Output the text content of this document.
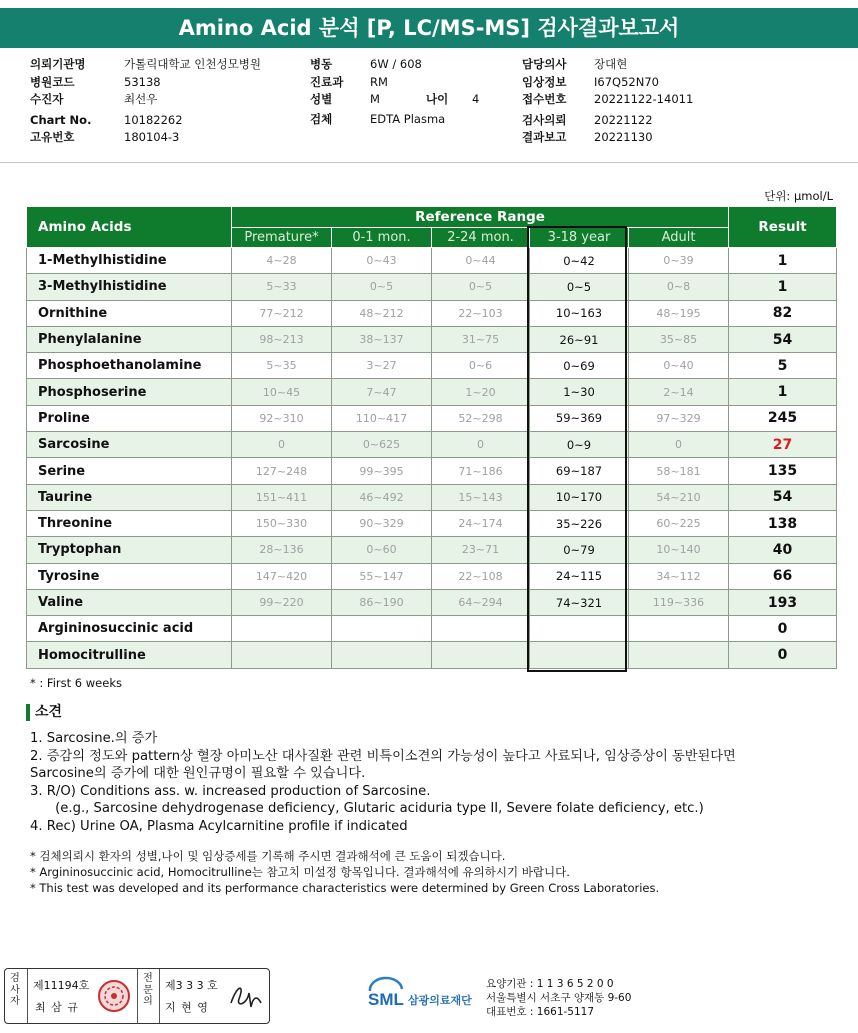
Amino Acid 분석 [P, LC/MS-MS] 검사결과보고서
의뢰기관명	가톨릭대학교 인천성모병원
병원코드	53138
수진자	최선우
Chart No.	10182262
고유번호	180104-3
병동	6W / 608
진료과 RM
성별	M
검체	EDTA Plasma
나이 4
담당의사 장대현
임상정보 I67Q52N70
접수번호 20221122-14011
검사의뢰 20221122
결과보고 20221130
단위: μmol/L
Amino Acids	Reference Range					Result
	Premature*	0-1 mon.	2-24 mon.	3-18 year	Adult	
1-Methylhistidine	4~28	0~43	0~44	0~42	0~39	1
3-Methylhistidine	5~33	0~5	0~5	0~5	0~8	1
Ornithine	77~212	48~212	22~103	10~163	48~195	82
Phenylalanine	98~213	38~137	31~75	26~91	35~85	54
Phosphoethanolamine	5~35	3~27	0~6	0~69	0~40	5
Phosphoserine	10~45	7~47	1~20	1~30	2~14	1
Proline	92~310	110~417	52~298	59~369	97~329	245
Sarcosine	0	0~625	0	0~9	0	27
Serine	127~248	99~395	71~186	69~187	58~181	135
Taurine	151~411	46~492	15~143	10~170	54~210	54
Threonine	150~330	90~329	24~174	35~226	60~225	138
Tryptophan	28~136	0~60	23~71	0~79	10~140	40
Tyrosine	147~420	55~147	22~108	24~115	34~112	66
Valine	99~220	86~190	64~294	74~321	119~336	193
Argininosuccinic acid						0
Homocitrulline						0
* : First 6 weeks
소견
1. Sarcosine.의 증가
2. 증감의 정도와 pattern상 혈장 아미노산 대사질환 관련 비특이소견의 가능성이 높다고 사료되나, 임상증상이 동반된다면
Sarcosine의 증가에 대한 원인규명이 필요할 수 있습니다.
3. R/O) Conditions ass. w. increased production of Sarcosine.
(e.g., Sarcosine dehydrogenase deficiency, Glutaric aciduria type II, Severe folate deficiency, etc.)
4. Rec) Urine OA, Plasma Acylcarnitine profile if indicated
* 검체의뢰시 환자의 성별,나이 및 임상증세를 기록해 주시면 결과해석에 큰 도움이 되겠습니다.
* Argininosuccinic acid, Homocitrulline는 참고치 미설정 항목입니다. 결과해석에 유의하시기 바랍니다.
* This test was developed and its performance characteristics were determined by Green Cross Laboratories.
검사자
제11194호
최 삼 규
전문의
제3 3 3 호
지 현 영	SML 삼광의료재단
요양기관 : 1 1 3 6 5 2 0 0
서울특별시 서초구 양재동 9-60
대표번호 : 1661-5117
